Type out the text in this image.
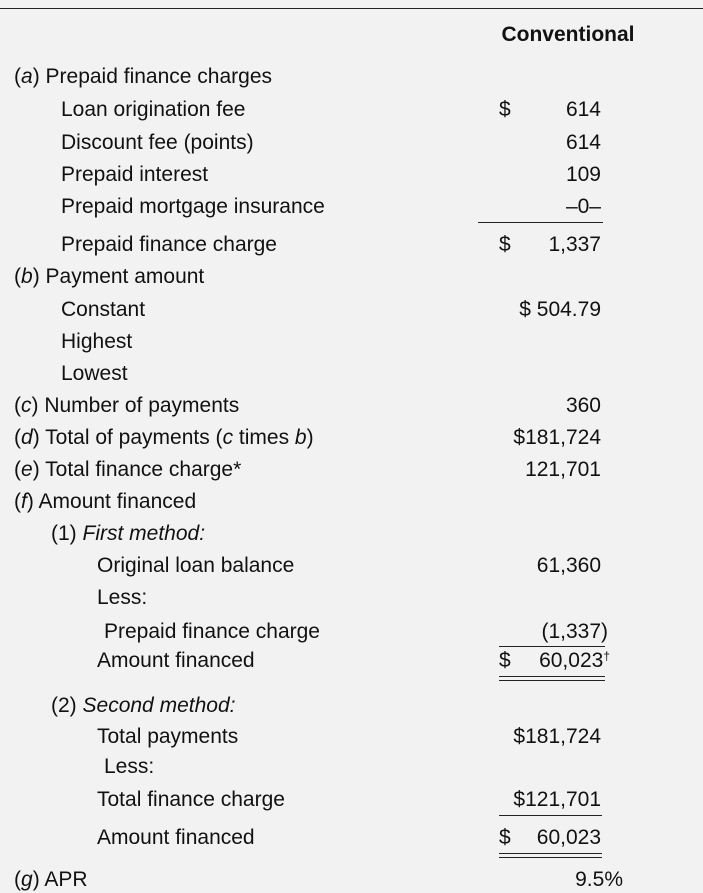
Conventional
(a) Prepaid finance charges
Loan origination fee	$	614
Discount fee (points)	614
Prepaid interest	109
Prepaid mortgage insurance	–0–
Prepaid finance charge	$ 1,337
(b) Payment amount
Constant	$ 504.79
Highest
Lowest
(c) Number of payments	360
(d) Total of payments (c times b)	$181,724
(e) Total finance charge*	121,701
(f) Amount financed
(1) First method:
Original loan balance	61,360
Less:
Prepaid finance charge	(1,337)
Amount financed	$ 60,023†
(2) Second method:
Total payments	$181,724
Less:
Total finance charge	$121,701
Amount financed	$ 60,023
(g) APR	9.5%
